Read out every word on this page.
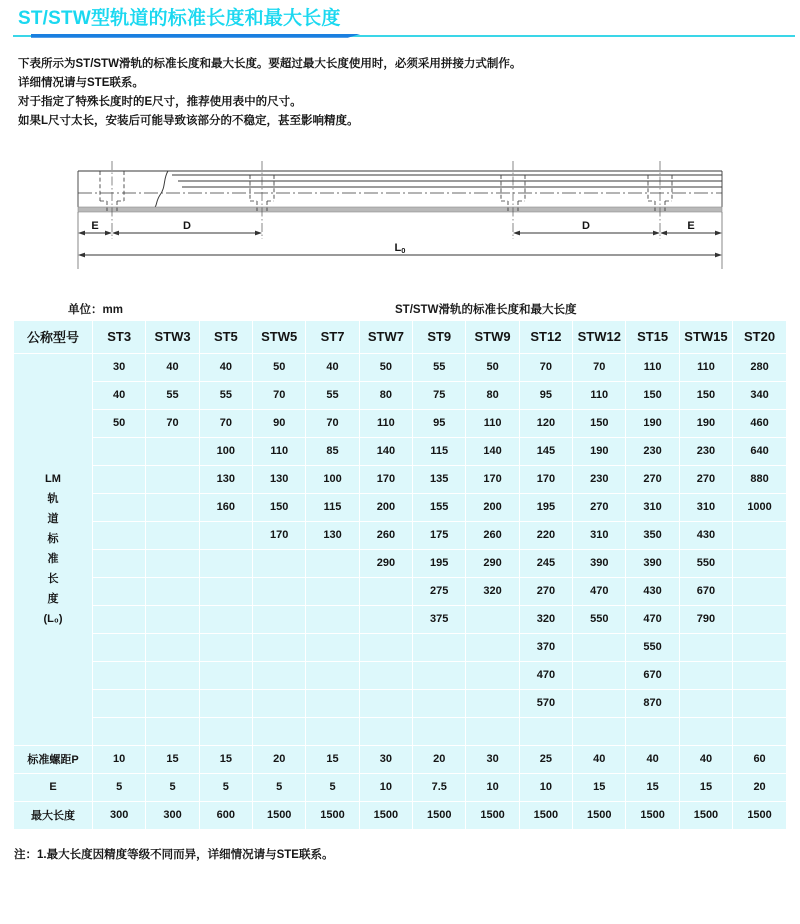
ST/STW型轨道的标准长度和最大长度

下表所示为ST/STW滑轨的标准长度和最大长度。要超过最大长度使用时，必须采用拼接力式制作。

详细情况请与STE联系。

对于指定了特殊长度时的E尺寸，推荐使用表中的尺寸。

如果L尺寸太长，安装后可能导致该部分的不稳定，甚至影响精度。

E	D	D	E
L0
单位：mm	ST/STW滑轨的标准长度和最大长度
公称型号	ST3	STW3	ST5	STW5	ST7	STW7	ST9	STW9	ST12	STW12	ST15	STW15	ST20

LM
轨
道
标
准
长
度
(L₀)
	30	40	40	50	40	50	55	50	70	70	110	110	280
	40	55	55	70	55	80	75	80	95	110	150	150	340
	50	70	70	90	70	110	95	110	120	150	190	190	460
			100	110	85	140	115	140	145	190	230	230	640
			130	130	100	170	135	170	170	230	270	270	880
			160	150	115	200	155	200	195	270	310	310	1000
				170	130	260	175	260	220	310	350	430	
						290	195	290	245	390	390	550	
							275	320	270	470	430	670	
							375		320	550	470	790	
									370		550		
									470		670		
									570		870		

标准螺距P	10	15	15	20	15	30	20	30	25	40	40	40	60
E	5	5	5	5	5	10	7.5	10	10	15	15	15	20
最大长度	300	300	600	1500	1500	1500	1500	1500	1500	1500	1500	1500	1500
注：1.最大长度因精度等级不同而异，详细情况请与STE联系。
